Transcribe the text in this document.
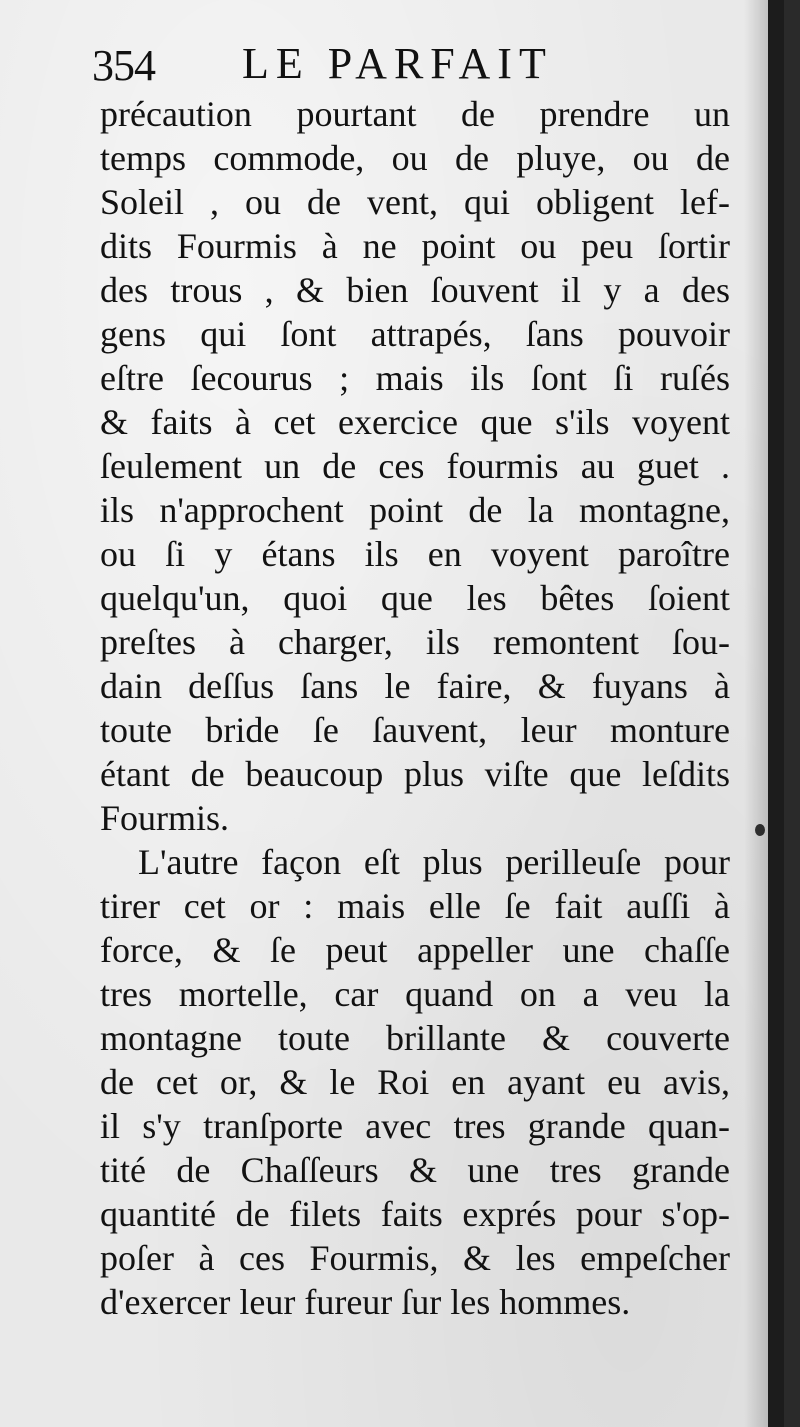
354 LE PARFAIT
précaution pourtant de prendre un
temps commode, ou de pluye, ou de
Soleil , ou de vent, qui obligent lef-
dits Fourmis à ne point ou peu ſortir
des trous , & bien ſouvent il y a des
gens qui ſont attrapés, ſans pouvoir
eſtre ſecourus ; mais ils ſont ſi ruſés
& faits à cet exercice que s'ils voyent
ſeulement un de ces fourmis au guet .
ils n'approchent point de la montagne,
ou ſi y étans ils en voyent paroître
quelqu'un, quoi que les bêtes ſoient
preſtes à charger, ils remontent ſou-
dain deſſus ſans le faire, & fuyans à
toute bride ſe ſauvent, leur monture
étant de beaucoup plus viſte que leſdits
Fourmis.
L'autre façon eſt plus perilleuſe pour
tirer cet or : mais elle ſe fait auſſi à
force, & ſe peut appeller une chaſſe
tres mortelle, car quand on a veu la
montagne toute brillante & couverte
de cet or, & le Roi en ayant eu avis,
il s'y tranſporte avec tres grande quan-
tité de Chaſſeurs & une tres grande
quantité de filets faits exprés pour s'op-
poſer à ces Fourmis, & les empeſcher
d'exercer leur fureur ſur les hommes.
